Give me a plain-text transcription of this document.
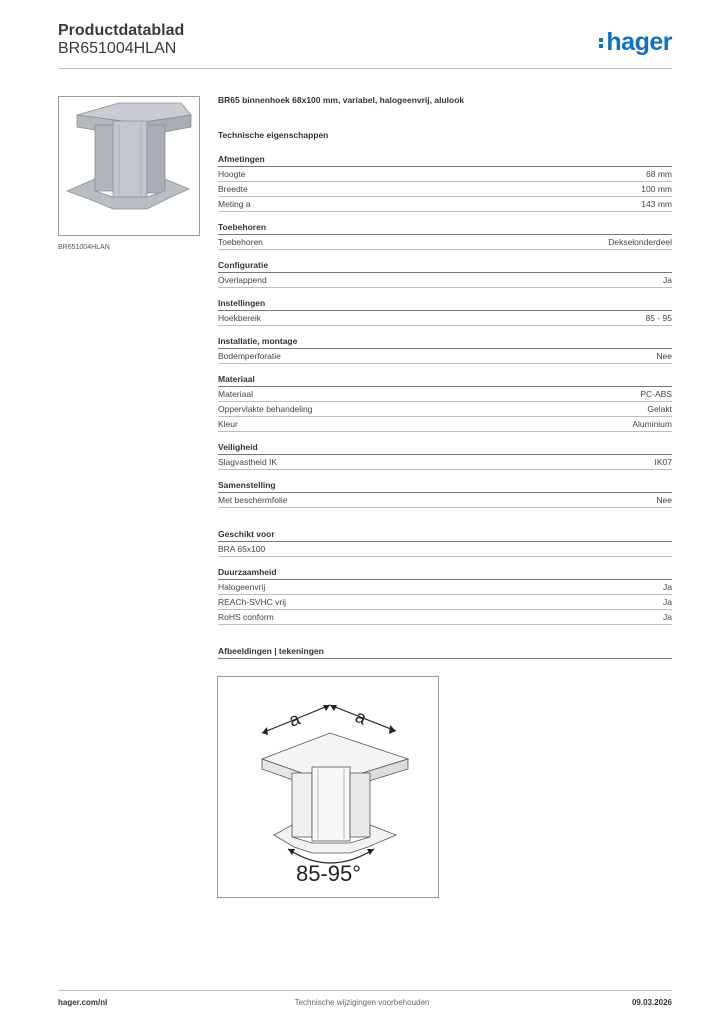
Productdatablad
BR651004HLAN	hager
BR651004HLAN
BR65 binnenhoek 68x100 mm, variabel, halogeenvrij, alulook
Technische eigenschappen
Afmetingen
Hoogte	68 mm
Breedte	100 mm
Meting a	143 mm
Toebehoren
Toebehoren	Dekselonderdeel
Configuratie
Overlappend	Ja
Instellingen
Hoekbereik	85 - 95
Installatie, montage
Bodemperforatie	Nee
Materiaal
Materiaal	PC-ABS
Oppervlakte behandeling	Gelakt
Kleur	Aluminium
Veiligheid
Slagvastheid IK	IK07
Samenstelling
Met beschermfolie	Nee
Geschikt voor
BRA 65x100
Duurzaamheid
Halogeenvrij	Ja
REACh-SVHC vrij	Ja
RoHS conform	Ja
Afbeeldingen | tekeningen
a	a
85-95°
hager.com/nl	Technische wijzigingen voorbehouden	09.03.2026
